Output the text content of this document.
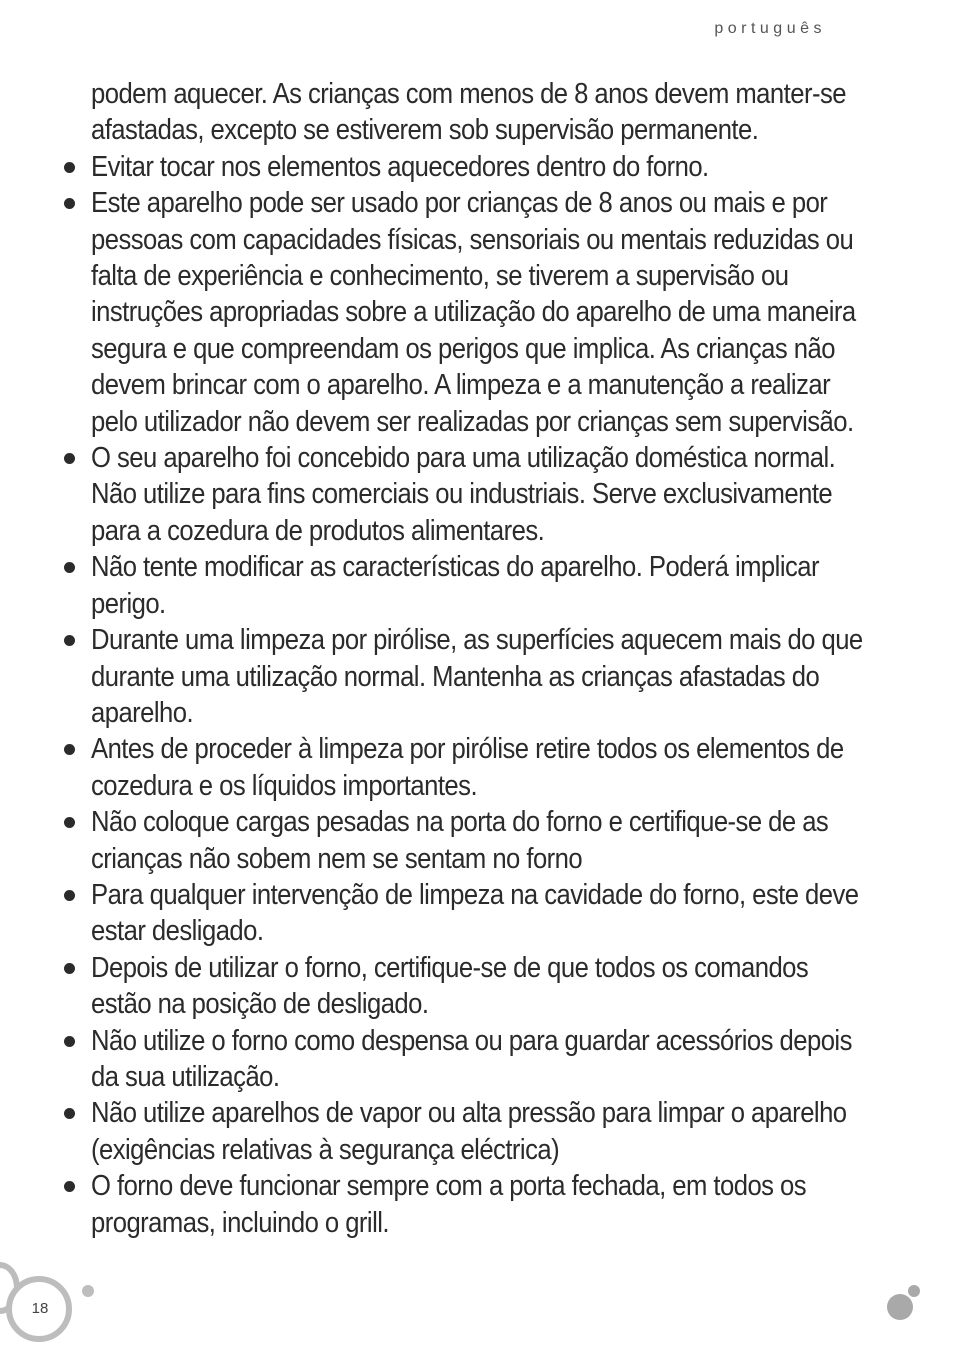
português

podem aquecer. As crianças com menos de 8 anos devem manter-se afastadas, excepto se estiverem sob supervisão permanente.

Evitar tocar nos elementos aquecedores dentro do forno.
Este aparelho pode ser usado por crianças de 8 anos ou mais e por pessoas com capacidades físicas, sensoriais ou mentais reduzidas ou falta de experiência e conhecimento, se tiverem a supervisão ou instruções apropriadas sobre a utilização do aparelho de uma maneira segura e que compreendam os perigos que implica. As crianças não devem brincar com o aparelho. A limpeza e a manutenção a realizar pelo utilizador não devem ser realizadas por crianças sem supervisão.
O seu aparelho foi concebido para uma utilização doméstica normal. Não utilize para fins comerciais ou industriais. Serve exclusivamente para a cozedura de produtos alimentares.
Não tente modificar as características do aparelho. Poderá implicar perigo.
Durante uma limpeza por pirólise, as superfícies aquecem mais do que durante uma utilização normal. Mantenha as crianças afastadas do aparelho.
Antes de proceder à limpeza por pirólise retire todos os elementos de cozedura e os líquidos importantes.
Não coloque cargas pesadas na porta do forno e certifique-se de as crianças não sobem nem se sentam no forno
Para qualquer intervenção de limpeza na cavidade do forno, este deve estar desligado.
Depois de utilizar o forno, certifique-se de que todos os comandos estão na posição de desligado.
Não utilize o forno como despensa ou para guardar acessórios depois da sua utilização.
Não utilize aparelhos de vapor ou alta pressão para limpar o aparelho (exigências relativas à segurança eléctrica)
O forno deve funcionar sempre com a porta fechada, em todos os programas, incluindo o grill.
18
